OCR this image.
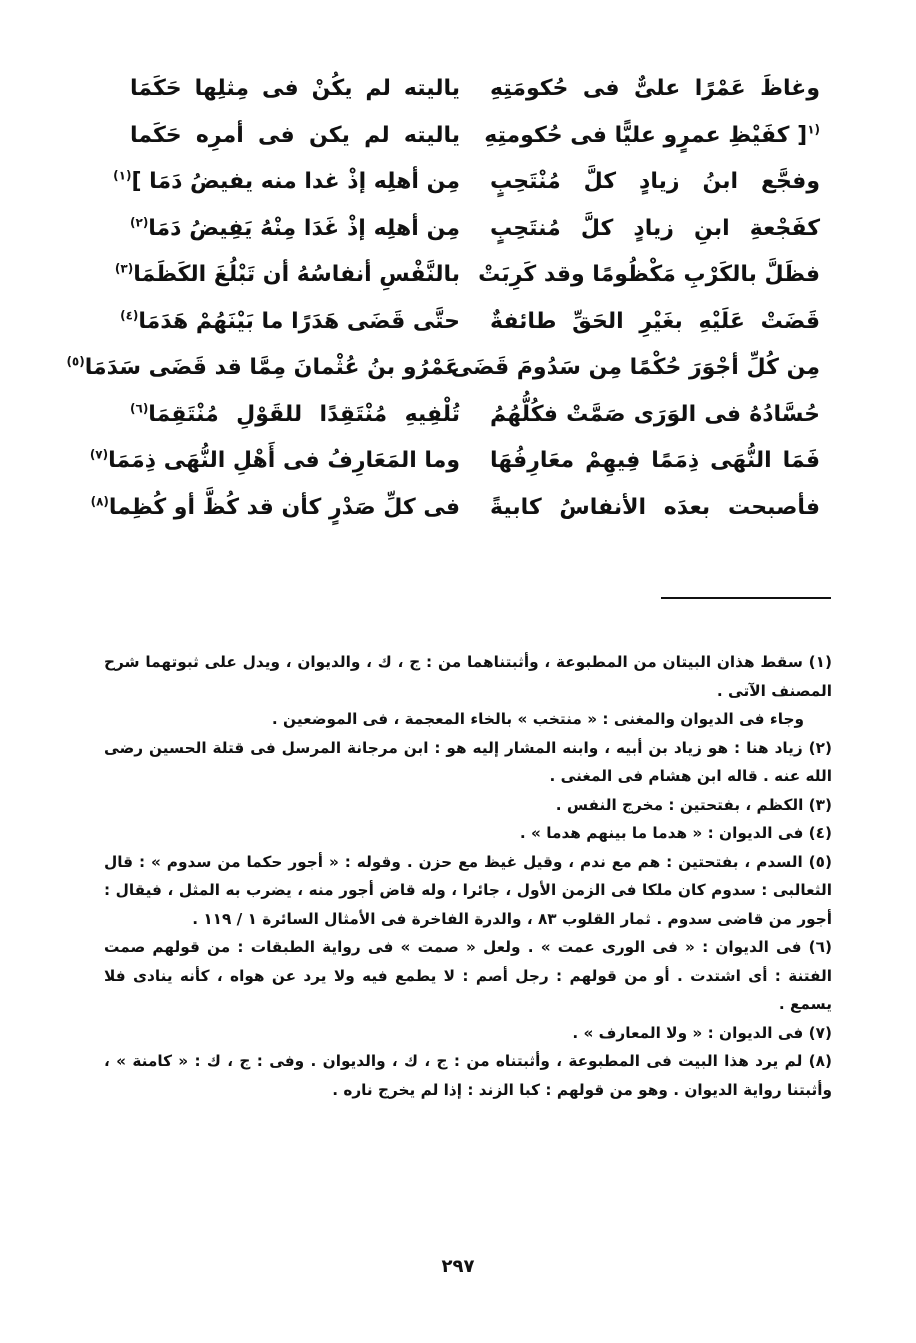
وغاظَ عَمْرًا علىٌّ فى حُكومَتِهِ
ياليته لم يكُنْ فى مِثلِها حَكَمَا
$^{(١}$[ كفَيْظِ عمرٍو عليًّا فى حُكومتِهِ
ياليته لم يكن فى أمرِه حَكَما
وفجَّع ابنُ زيادٍ كلَّ مُنْتَحِبٍ
مِن أهلِه إذْ غدا منه يفيضُ دَمَا ]$^{(١)}$
كفَجْعةِ ابنِ زيادٍ كلَّ مُنتَحِبٍ
مِن أهلِه إذْ غَدَا مِنْهُ يَفِيضُ دَمَا$^{(٢)}$
فظَلَّ بالكَرْبِ مَكْظُومًا وقد كَرِبَتْ
بالنَّفْسِ أنفاسُهُ أن تَبْلُغَ الكَظَمَا$^{(٣)}$
قَضَتْ عَلَيْهِ بغَيْرِ الحَقِّ طائفةٌ
حتَّى قَضَى هَدَرًا ما بَيْنَهُمْ هَدَمَا$^{(٤)}$
مِن كُلِّ أجْوَرَ حُكْمًا مِن سَدُومَ قَضَى
عَمْرُو بنُ عُثْمانَ مِمَّا قد قَضَى سَدَمَا$^{(٥)}$
حُسَّادُهُ فى الوَرَى صَمَّتْ فكُلُّهُمُ
تُلْفِيهِ مُنْتَقِدًا للقَوْلِ مُنْتَقِمَا$^{(٦)}$
فَمَا النُّهَى ذِمَمًا فِيهِمْ معَارِفُهَا
وما المَعَارِفُ فى أَهْلِ النُّهَى ذِمَمَا$^{(٧)}$
فأصبحت بعدَه الأنفاسُ كابيةً
فى كلِّ صَدْرٍ كأن قد كُظَّ أو كُظِما$^{(٨)}$

(١) سقط هذان البيتان من المطبوعة ، وأثبتناهما من : ج ، ك ، والديوان ، ويدل على ثبوتهما شرح المصنف الآتى .

وجاء فى الديوان والمغنى : « منتخب » بالخاء المعجمة ، فى الموضعين .

(٢) زياد هنا : هو زياد بن أبيه ، وابنه المشار إليه هو : ابن مرجانة المرسل فى قتلة الحسين رضى الله عنه . قاله ابن هشام فى المغنى .

(٣) الكظم ، بفتحتين : مخرج النفس .

(٤) فى الديوان : « هدما ما بينهم هدما » .

(٥) السدم ، بفتحتين : هم مع ندم ، وقيل غيظ مع حزن . وقوله : « أجور حكما من سدوم » : قال الثعالبى : سدوم كان ملكا فى الزمن الأول ، جائرا ، وله قاض أجور منه ، يضرب به المثل ، فيقال : أجور من قاضى سدوم . ثمار القلوب ٨٣ ، والدرة الفاخرة فى الأمثال السائرة ١ / ١١٩ .

(٦) فى الديوان : « فى الورى عمت » . ولعل « صمت » فى رواية الطبقات : من قولهم صمت الفتنة : أى اشتدت . أو من قولهم : رجل أصم : لا يطمع فيه ولا يرد عن هواه ، كأنه ينادى فلا يسمع .

(٧) فى الديوان : « ولا المعارف » .

(٨) لم يرد هذا البيت فى المطبوعة ، وأثبتناه من : ج ، ك ، والديوان . وفى : ج ، ك : « كامنة » ، وأثبتنا رواية الديوان . وهو من قولهم : كبا الزند : إذا لم يخرج ناره .

٢٩٧
